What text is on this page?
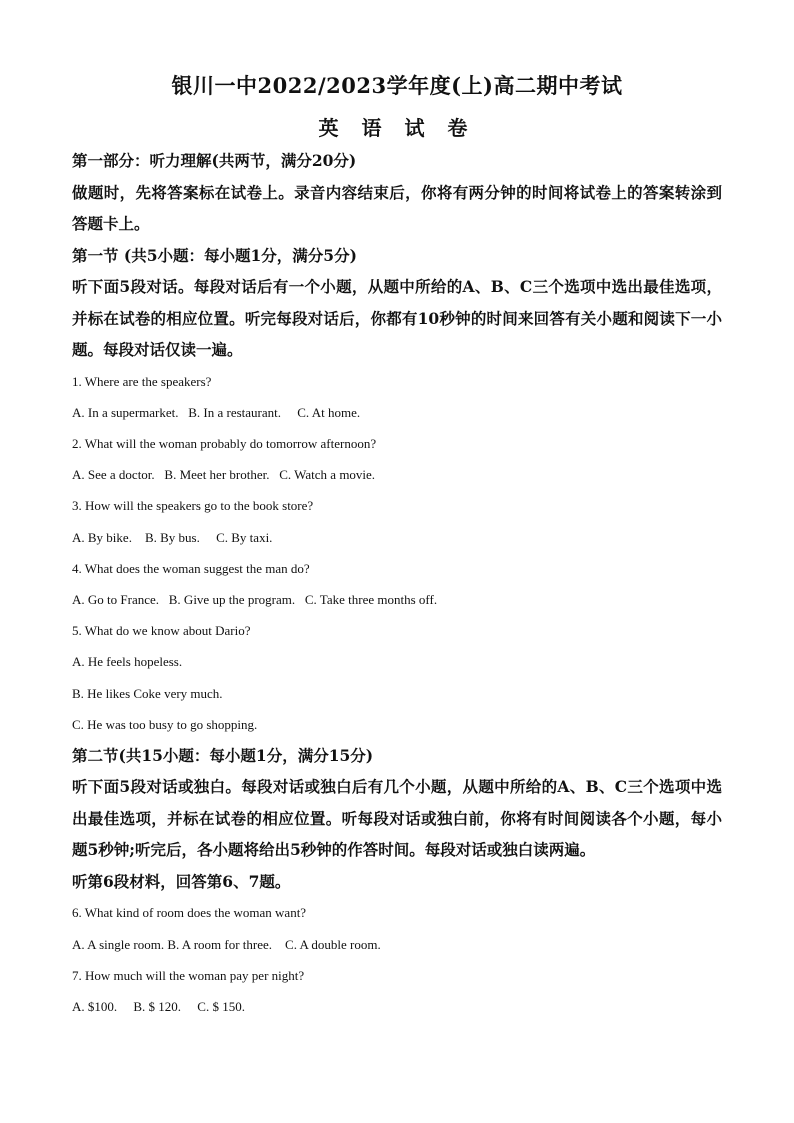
银川一中2022/2023学年度(上)高二期中考试
英 语 试 卷

第一部分：听力理解(共两节，满分20分)

做题时，先将答案标在试卷上。录音内容结束后，你将有两分钟的时间将试卷上的答案转涂到答题卡上。

第一节 (共5小题：每小题1分，满分5分)

听下面5段对话。每段对话后有一个小题，从题中所给的A、B、C三个选项中选出最佳选项，并标在试卷的相应位置。听完每段对话后，你都有10秒钟的时间来回答有关小题和阅读下一小题。每段对话仅读一遍。

1. Where are the speakers?

A. In a supermarket.   B. In a restaurant.     C. At home.

2. What will the woman probably do tomorrow afternoon?

A. See a doctor.   B. Meet her brother.   C. Watch a movie.

3. How will the speakers go to the book store?

A. By bike.    B. By bus.     C. By taxi.

4. What does the woman suggest the man do?

A. Go to France.   B. Give up the program.   C. Take three months off.

5. What do we know about Dario?

A. He feels hopeless.

B. He likes Coke very much.

C. He was too busy to go shopping.

第二节(共15小题：每小题1分，满分15分)

听下面5段对话或独白。每段对话或独白后有几个小题，从题中所给的A、B、C三个选项中选出最佳选项，并标在试卷的相应位置。听每段对话或独白前，你将有时间阅读各个小题，每小题5秒钟;听完后，各小题将给出5秒钟的作答时间。每段对话或独白读两遍。

听第6段材料，回答第6、7题。

6. What kind of room does the woman want?

A. A single room. B. A room for three.    C. A double room.

7. How much will the woman pay per night?

A. $100.     B. $ 120.     C. $ 150.
